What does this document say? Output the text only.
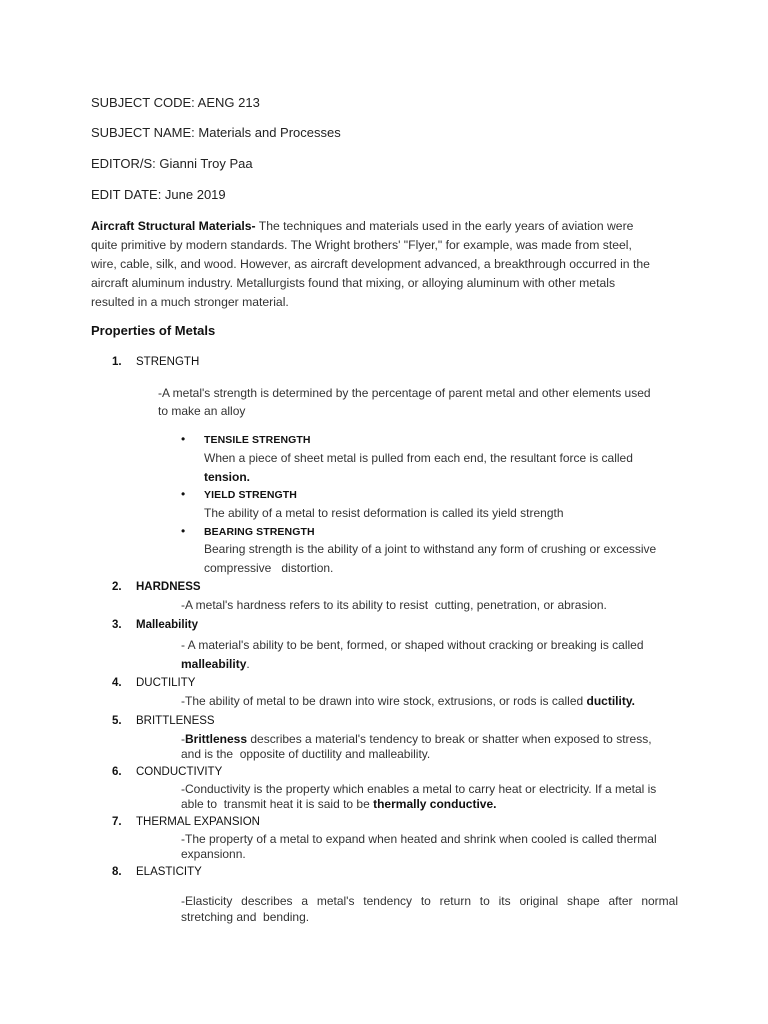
SUBJECT CODE: AENG 213
SUBJECT NAME: Materials and Processes
EDITOR/S: Gianni Troy Paa
EDIT DATE: June 2019
Aircraft Structural Materials- The techniques and materials used in the early years of aviation were
quite primitive by modern standards. The Wright brothers' "Flyer," for example, was made from steel,
wire, cable, silk, and wood. However, as aircraft development advanced, a breakthrough occurred in the
aircraft aluminum industry. Metallurgists found that mixing, or alloying aluminum with other metals
resulted in a much stronger material.
Properties of Metals
1. STRENGTH
-A metal's strength is determined by the percentage of parent metal and other elements used
to make an alloy
• TENSILE STRENGTH
When a piece of sheet metal is pulled from each end, the resultant force is called
tension.
• YIELD STRENGTH
The ability of a metal to resist deformation is called its yield strength
• BEARING STRENGTH
Bearing strength is the ability of a joint to withstand any form of crushing or excessive
compressive   distortion.
2. HARDNESS
-A metal's hardness refers to its ability to resist  cutting, penetration, or abrasion.
3. Malleability
- A material's ability to be bent, formed, or shaped without cracking or breaking is called
malleability.
4. DUCTILITY
-The ability of metal to be drawn into wire stock, extrusions, or rods is called ductility.
5. BRITTLENESS
-Brittleness describes a material's tendency to break or shatter when exposed to stress,
and is the  opposite of ductility and malleability.
6. CONDUCTIVITY
-Conductivity is the property which enables a metal to carry heat or electricity. If a metal is
able to  transmit heat it is said to be thermally conductive.
7. THERMAL EXPANSION
-The property of a metal to expand when heated and shrink when cooled is called thermal
expansionn.
8. ELASTICITY
-Elasticity describes a metal's tendency to return to its original shape after normal
stretching and  bending.
